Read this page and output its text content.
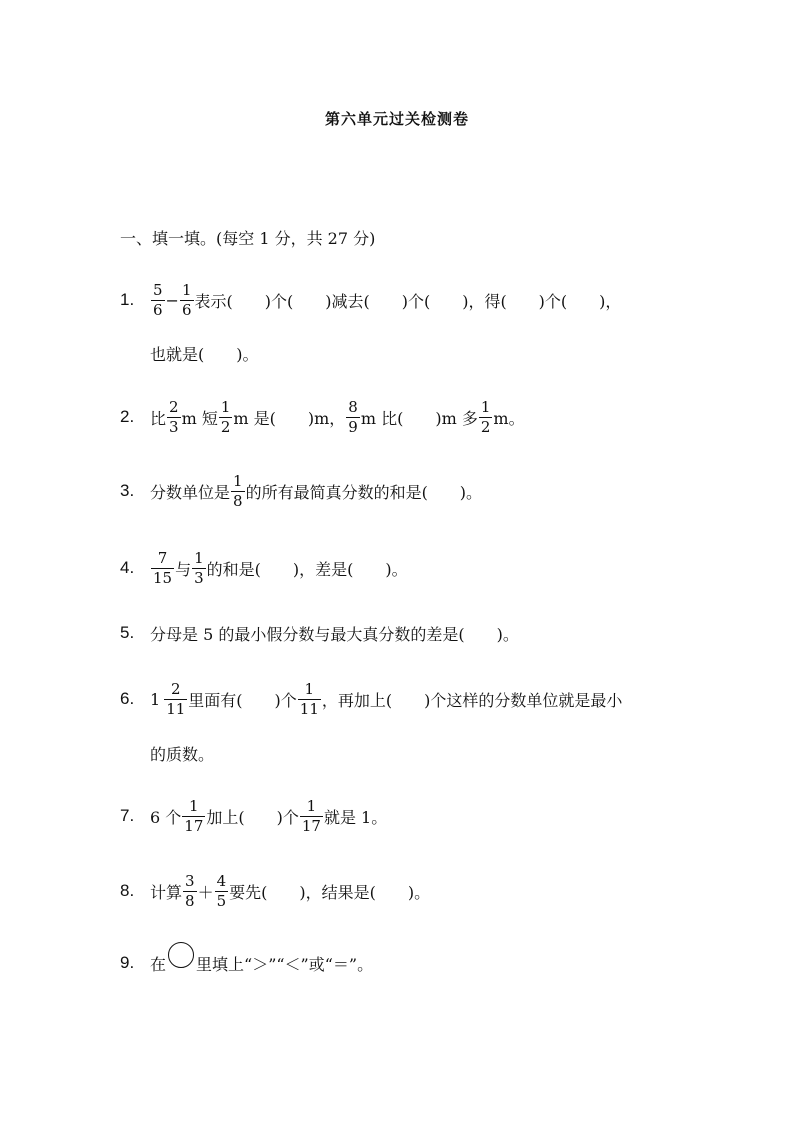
第六单元过关检测卷
一、填一填。(每空 1 分，共 27 分)
1.	$\frac{5}{6} - \frac{1}{6}$ 表示(　　)个(　　)减去(　　)个(　　)，得(　　)个(　　)，
也就是(　　)。
2. 比 $\frac{2}{3}$ m 短 $\frac{1}{2}$ m 是(　　)m， $\frac{8}{9}$ m 比(　　)m 多 $\frac{1}{2}$ m。
3. 分数单位是 $\frac{1}{8}$ 的所有最简真分数的和是(　　)。
4.	$\frac{7}{15}$ 与 $\frac{1}{3}$ 的和是(　　)，差是(　　)。
5. 分母是 5 的最小假分数与最大真分数的差是(　　)。
6. $1 \frac{2}{11}$ 里面有(　　)个 $\frac{1}{11}$ ，再加上(　　)个这样的分数单位就是最小
的质数。
7. 6 个 $\frac{1}{17}$ 加上(　　)个 $\frac{1}{17}$ 就是 1。
8. 计算 $\frac{3}{8} + \frac{4}{5}$ 要先(　　)，结果是(　　)。
9. 在 里填上“＞”“＜”或“＝”。
